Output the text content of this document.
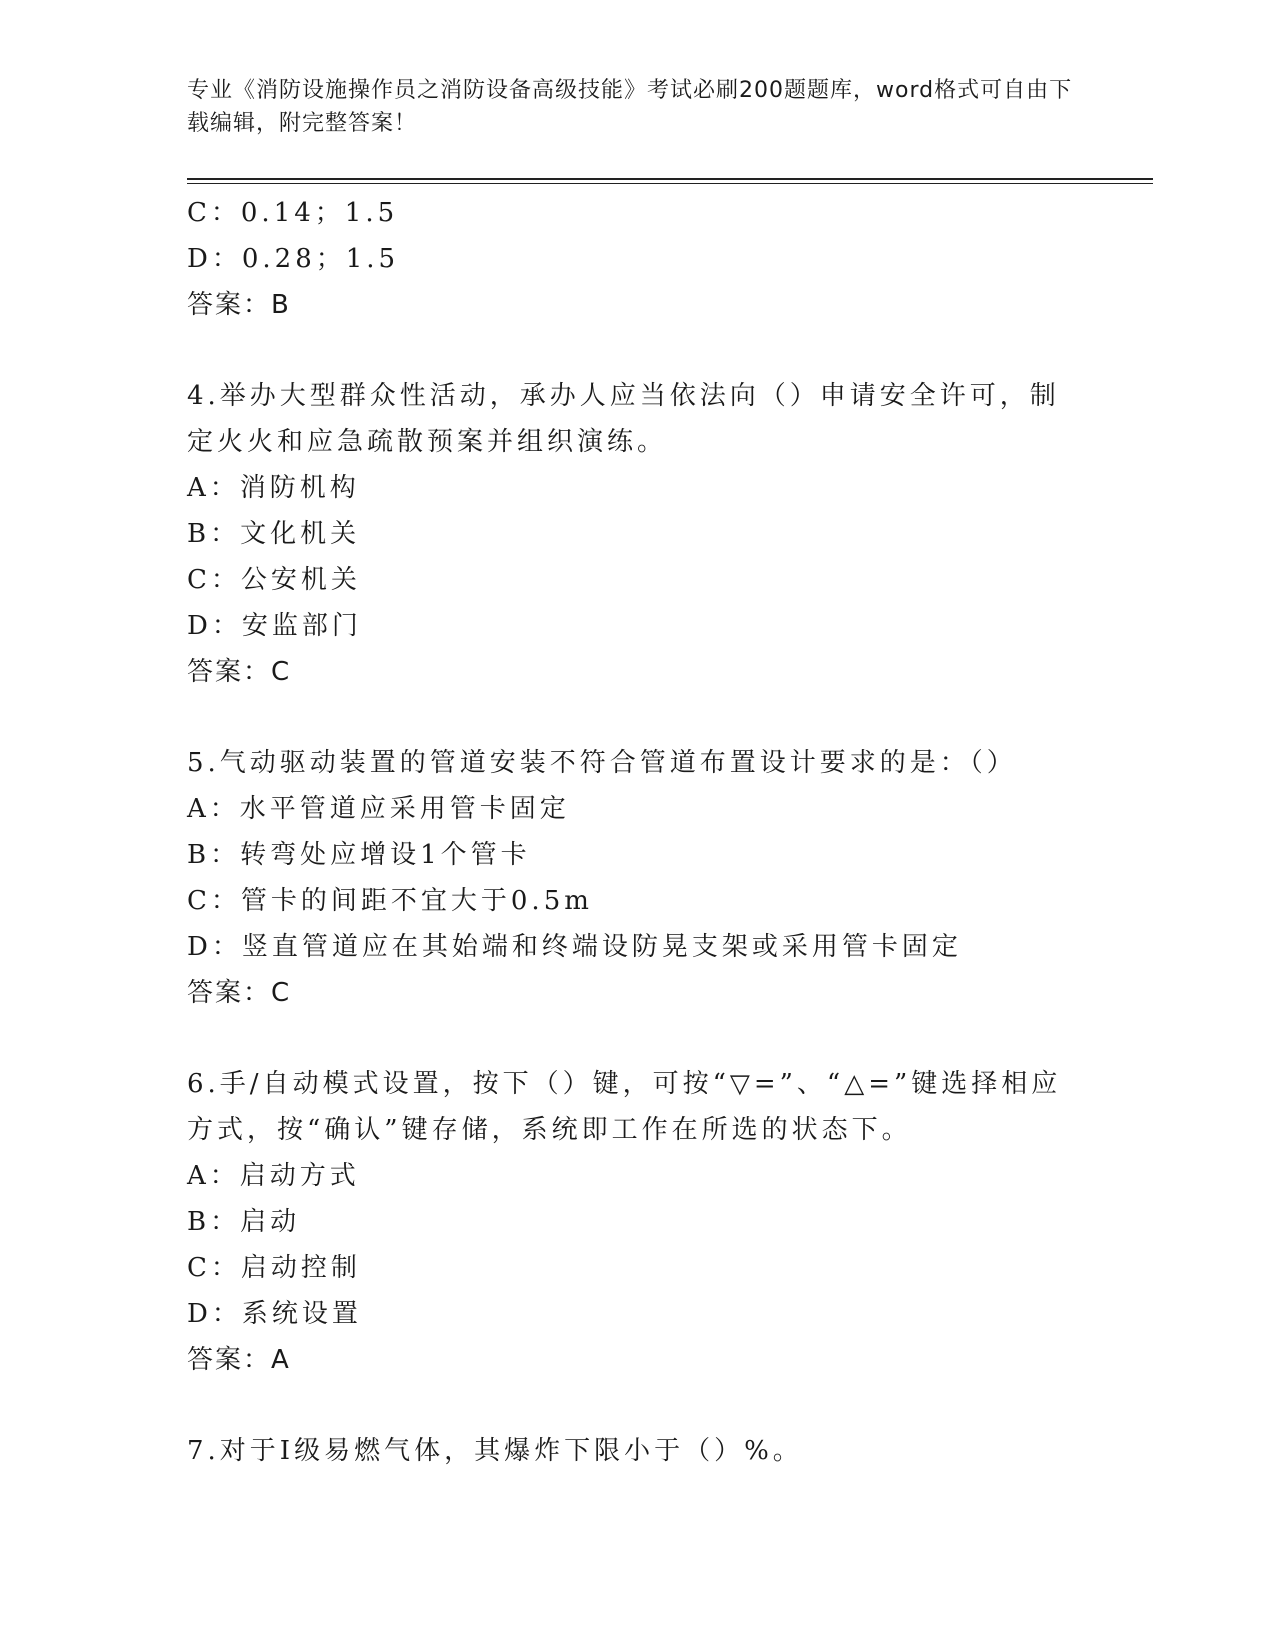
专业《消防设施操作员之消防设备高级技能》考试必刷200题题库，word格式可自由下载编辑，附完整答案！
C：0.14；1.5
D：0.28；1.5
答案：B
4.举办大型群众性活动，承办人应当依法向（）申请安全许可，制定火火和应急疏散预案并组织演练。
A：消防机构
B：文化机关
C：公安机关
D：安监部门
答案：C
5.气动驱动装置的管道安装不符合管道布置设计要求的是：（）
A：水平管道应采用管卡固定
B：转弯处应增设1个管卡
C：管卡的间距不宜大于0.5m
D：竖直管道应在其始端和终端设防晃支架或采用管卡固定
答案：C
6.手/自动模式设置，按下（）键，可按“▽=”、“△=”键选择相应方式，按“确认”键存储，系统即工作在所选的状态下。
A：启动方式
B：启动
C：启动控制
D：系统设置
答案：A
7.对于Ⅰ级易燃气体，其爆炸下限小于（）%。
